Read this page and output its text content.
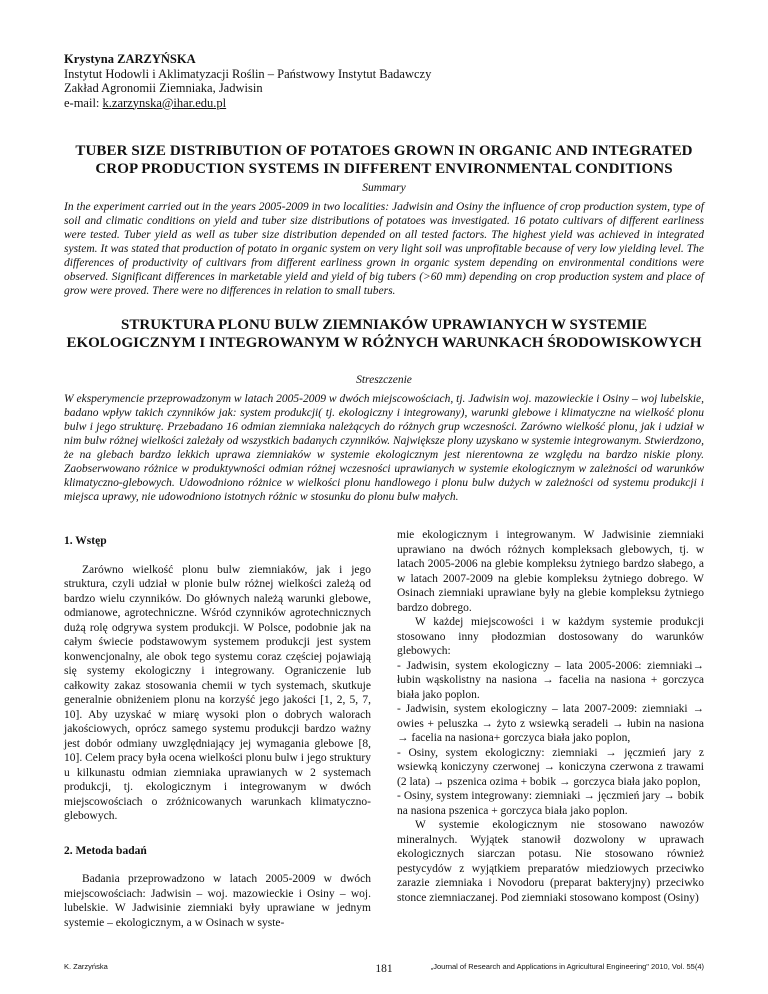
Krystyna ZARZYŃSKA
Instytut Hodowli i Aklimatyzacji Roślin – Państwowy Instytut Badawczy
Zakład Agronomii Ziemniaka, Jadwisin
e-mail: k.zarzynska@ihar.edu.pl
TUBER SIZE DISTRIBUTION OF POTATOES GROWN IN ORGANIC AND INTEGRATED CROP PRODUCTION SYSTEMS IN DIFFERENT ENVIRONMENTAL CONDITIONS
Summary
In the experiment carried out in the years 2005-2009 in two localities: Jadwisin and Osiny the influence of crop production system, type of soil and climatic conditions on yield and tuber size distributions of potatoes was investigated. 16 potato cultivars of different earliness were tested. Tuber yield as well as tuber size distribution depended on all tested factors. The highest yield was achieved in integrated system. It was stated that production of potato in organic system on very light soil was unprofitable because of very low yielding level. The differences of productivity of cultivars from different earliness grown in organic system depending on environmental conditions were observed. Significant differences in marketable yield and yield of big tubers (>60 mm) depending on crop production system and place of grow were proved. There were no differences in relation to small tubers.
STRUKTURA PLONU BULW ZIEMNIAKÓW UPRAWIANYCH W SYSTEMIE EKOLOGICZNYM I INTEGROWANYM W RÓŻNYCH WARUNKACH ŚRODOWISKOWYCH
Streszczenie
W eksperymencie przeprowadzonym w latach 2005-2009 w dwóch miejscowościach, tj. Jadwisin woj. mazowieckie i Osiny – woj lubelskie, badano wpływ takich czynników jak: system produkcji( tj. ekologiczny i integrowany), warunki glebowe i klimatyczne na wielkość plonu bulw i jego strukturę. Przebadano 16 odmian ziemniaka należących do różnych grup wczesności. Zarówno wielkość plonu, jak i udział w nim bulw różnej wielkości zależały od wszystkich badanych czynników. Największe plony uzyskano w systemie integrowanym. Stwierdzono, że na glebach bardzo lekkich uprawa ziemniaków w systemie ekologicznym jest nierentowna ze względu na bardzo niskie plony. Zaobserwowano różnice w produktywności odmian różnej wczesności uprawianych w systemie ekologicznym w zależności od warunków klimatyczno-glebowych. Udowodniono różnice w wielkości plonu handlowego i plonu bulw dużych w zależności od systemu produkcji i miejsca uprawy, nie udowodniono istotnych różnic w stosunku do plonu bulw małych.
1. Wstęp

Zarówno wielkość plonu bulw ziemniaków, jak i jego struktura, czyli udział w plonie bulw różnej wielkości zależą od bardzo wielu czynników. Do głównych należą warunki glebowe, odmianowe, agrotechniczne. Wśród czynników agrotechnicznych dużą rolę odgrywa system produkcji. W Polsce, podobnie jak na całym świecie podstawowym systemem produkcji jest system konwencjonalny, ale obok tego systemu coraz częściej pojawiają się systemy ekologiczny i integrowany. Ograniczenie lub całkowity zakaz stosowania chemii w tych systemach, skutkuje generalnie obniżeniem plonu na korzyść jego jakości [1, 2, 5, 7, 10]. Aby uzyskać w miarę wysoki plon o dobrych walorach jakościowych, oprócz samego systemu produkcji bardzo ważny jest dobór odmiany uwzględniający jej wymagania glebowe [8, 10]. Celem pracy była ocena wielkości plonu bulw i jego struktury u kilkunastu odmian ziemniaka uprawianych w 2 systemach produkcji, tj. ekologicznym i integrowanym w dwóch miejscowościach o zróżnicowanych warunkach klimatyczno-glebowych.

2. Metoda badań

Badania przeprowadzono w latach 2005-2009 w dwóch miejscowościach: Jadwisin – woj. mazowieckie i Osiny – woj. lubelskie. W Jadwisinie ziemniaki były uprawiane w jednym systemie – ekologicznym, a w Osinach w syste-

mie ekologicznym i integrowanym. W Jadwisinie ziemniaki uprawiano na dwóch różnych kompleksach glebowych, tj. w latach 2005-2006 na glebie kompleksu żytniego bardzo słabego, a w latach 2007-2009 na glebie kompleksu żytniego dobrego. W Osinach ziemniaki uprawiane były na glebie kompleksu żytniego bardzo dobrego.

W każdej miejscowości i w każdym systemie produkcji stosowano inny płodozmian dostosowany do warunków glebowych:

- Jadwisin, system ekologiczny – lata 2005-2006: ziemniaki→ łubin wąskolistny na nasiona → facelia na nasiona + gorczyca biała jako poplon.

- Jadwisin, system ekologiczny – lata 2007-2009: ziemniaki → owies + peluszka → żyto z wsiewką seradeli → łubin na nasiona → facelia na nasiona+ gorczyca biała jako poplon,

- Osiny, system ekologiczny: ziemniaki → jęczmień jary z wsiewką koniczyny czerwonej → koniczyna czerwona z trawami (2 lata) → pszenica ozima + bobik → gorczyca biała jako poplon,

- Osiny, system integrowany: ziemniaki → jęczmień jary → bobik na nasiona pszenica + gorczyca biała jako poplon.

W systemie ekologicznym nie stosowano nawozów mineralnych. Wyjątek stanowił dozwolony w uprawach ekologicznych siarczan potasu. Nie stosowano również pestycydów z wyjątkiem preparatów miedziowych przeciwko zarazie ziemniaka i Novodoru (preparat bakteryjny) przeciwko stonce ziemniaczanej. Pod ziemniaki stosowano kompost (Osiny)

K. Zarzyńska	181	„Journal of Research and Applications in Agricultural Engineering" 2010, Vol. 55(4)
